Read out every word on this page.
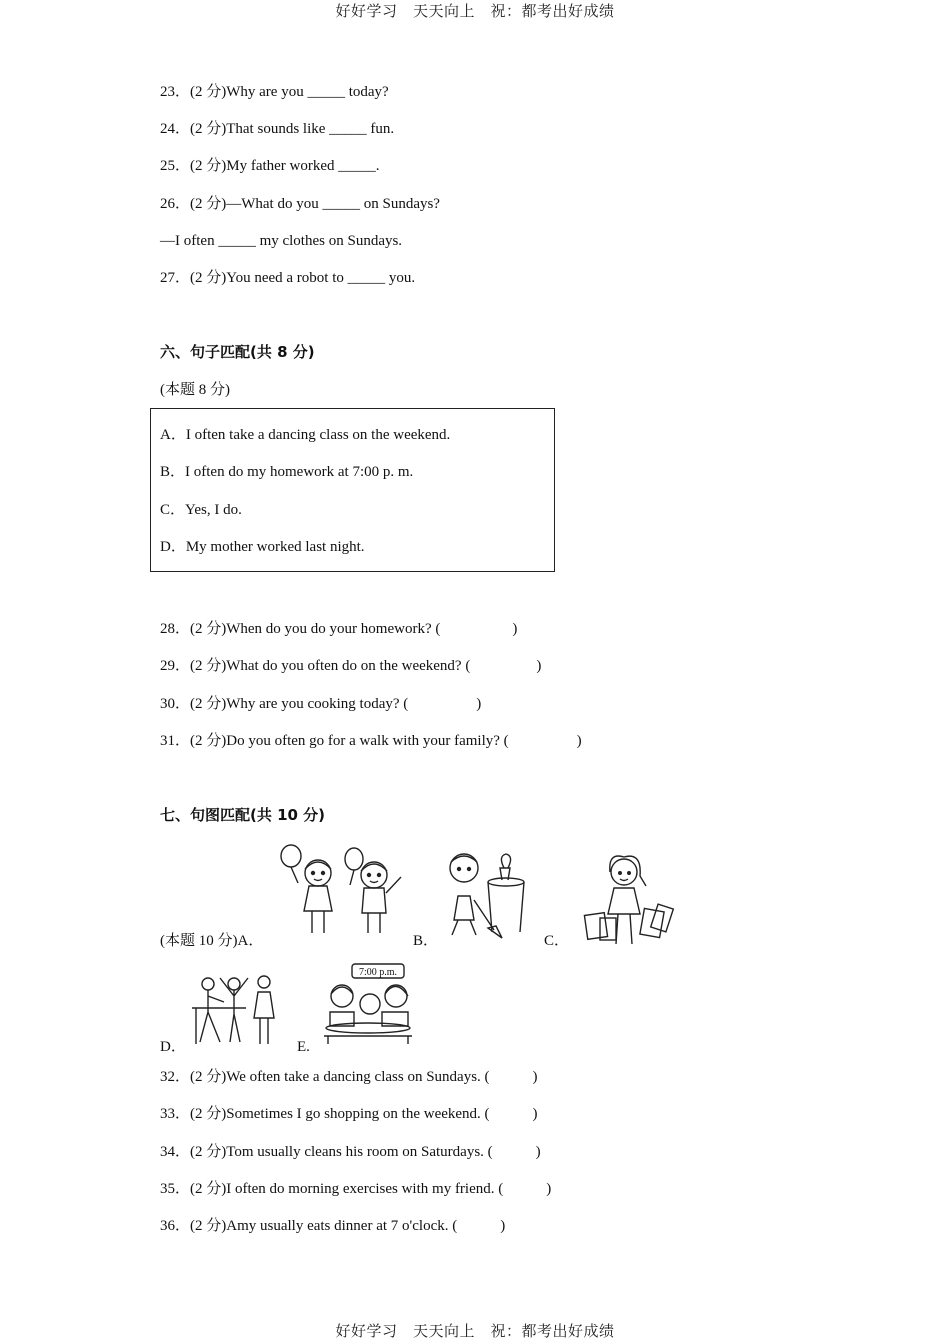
好好学习　天天向上　祝：都考出好成绩
23．(2 分)Why are you _____ today?
24．(2 分)That sounds like _____ fun.
25．(2 分)My father worked _____.
26．(2 分)—What do you _____ on Sundays?
—I often _____ my clothes on Sundays.
27．(2 分)You need a robot to _____ you.
六、句子匹配(共 8 分)
(本题 8 分)
A．I often take a dancing class on the weekend.
B．I often do my homework at 7:00 p. m.
C．Yes, I do.
D．My mother worked last night.
28．(2 分)When do you do your homework? (	)
29．(2 分)What do you often do on the weekend? (	)
30．(2 分)Why are you cooking today? (	)
31．(2 分)Do you often go for a walk with your family? (	)
七、句图匹配(共 10 分)
(本题 10 分)A．	B．	C．
D．	E.
7:00 p.m.
32．(2 分)We often take a dancing class on Sundays. (	)
33．(2 分)Sometimes I go shopping on the weekend. (	)
34．(2 分)Tom usually cleans his room on Saturdays. (	)
35．(2 分)I often do morning exercises with my friend. (	)
36．(2 分)Amy usually eats dinner at 7 o'clock. (	)
好好学习　天天向上　祝：都考出好成绩
